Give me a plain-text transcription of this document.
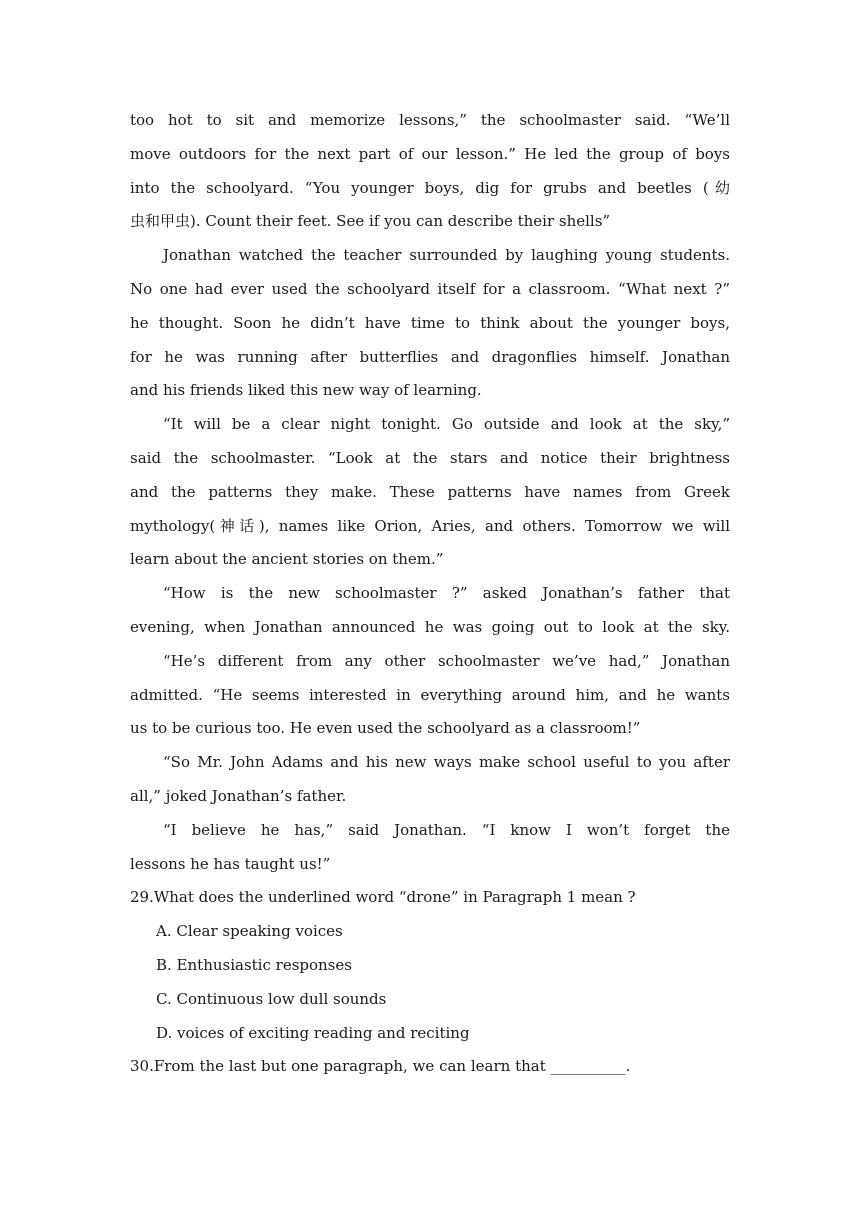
too hot to sit and memorize lessons,” the schoolmaster said. “We’ll
move outdoors for the next part of our lesson.” He led the group of boys
into the schoolyard. “You younger boys, dig for grubs and beetles (幼
虫和甲虫). Count their feet. See if you can describe their shells”
Jonathan watched the teacher surrounded by laughing young students.
No one had ever used the schoolyard itself for a classroom. “What next ?”
he thought. Soon he didn’t have time to think about the younger boys,
for he was running after butterflies and dragonflies himself. Jonathan
and his friends liked this new way of learning.
“It will be a clear night tonight. Go outside and look at the sky,”
said the schoolmaster. “Look at the stars and notice their brightness
and the patterns they make. These patterns have names from Greek
mythology(神话), names like Orion, Aries, and others. Tomorrow we will
learn about the ancient stories on them.”
“How is the new schoolmaster ?” asked Jonathan’s father that
evening, when Jonathan announced he was going out to look at the sky.
“He’s different from any other schoolmaster we’ve had,” Jonathan
admitted. “He seems interested in everything around him, and he wants
us to be curious too. He even used the schoolyard as a classroom!”
“So Mr. John Adams and his new ways make school useful to you after
all,” joked Jonathan’s father.
“I believe he has,” said Jonathan. “I know I won’t forget the
lessons he has taught us!”
29.What does the underlined word “drone” in Paragraph 1 mean ?
A. Clear speaking voices
B. Enthusiastic responses
C. Continuous low dull sounds
D. voices of exciting reading and reciting
30.From the last but one paragraph, we can learn that __________.
